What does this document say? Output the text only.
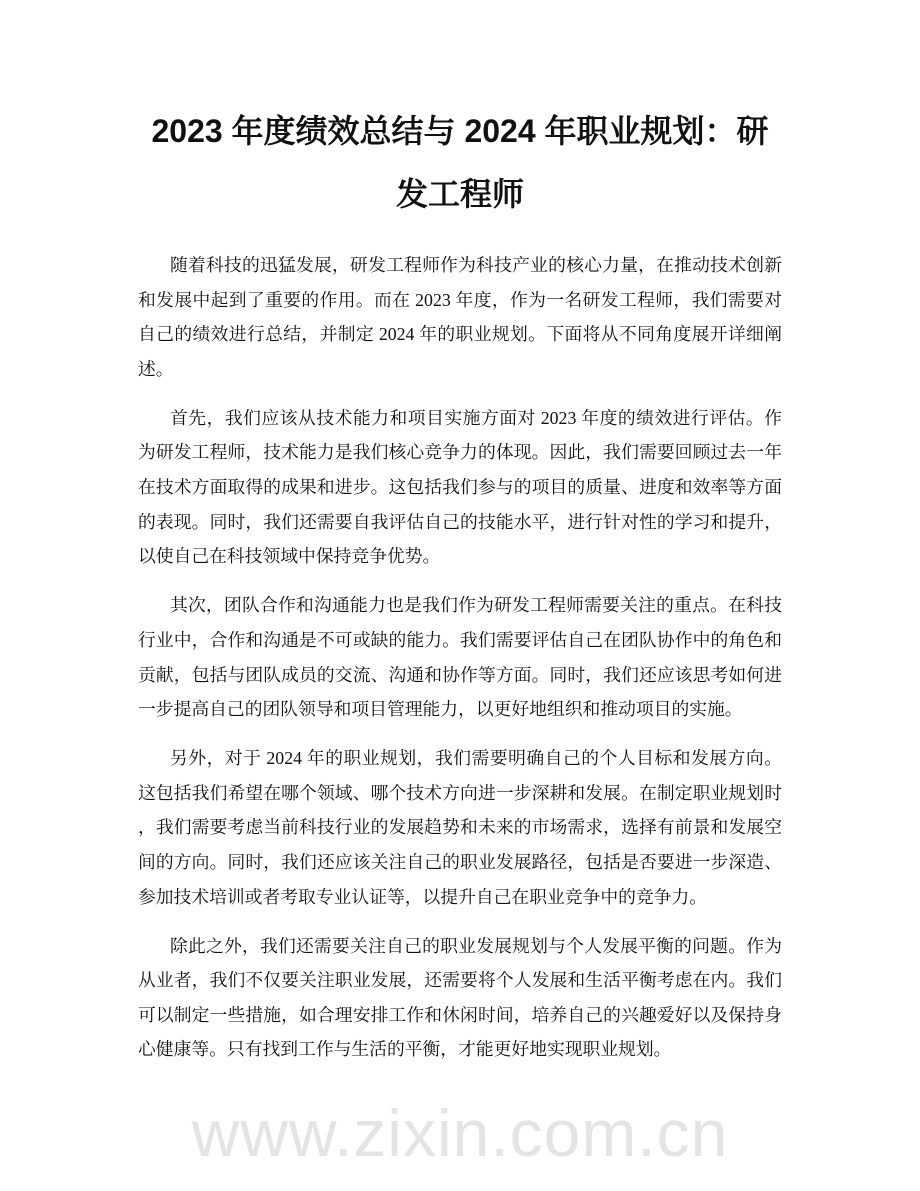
www.zixin.com.cn
2023 年度绩效总结与 2024 年职业规划：研
发工程师
随着科技的迅猛发展，研发工程师作为科技产业的核心力量，在推动技术创新
和发展中起到了重要的作用。而在 2023 年度，作为一名研发工程师，我们需要对
自己的绩效进行总结，并制定 2024 年的职业规划。下面将从不同角度展开详细阐
述。
首先，我们应该从技术能力和项目实施方面对 2023 年度的绩效进行评估。作
为研发工程师，技术能力是我们核心竞争力的体现。因此，我们需要回顾过去一年
在技术方面取得的成果和进步。这包括我们参与的项目的质量、进度和效率等方面
的表现。同时，我们还需要自我评估自己的技能水平，进行针对性的学习和提升，
以使自己在科技领域中保持竞争优势。
其次，团队合作和沟通能力也是我们作为研发工程师需要关注的重点。在科技
行业中，合作和沟通是不可或缺的能力。我们需要评估自己在团队协作中的角色和
贡献，包括与团队成员的交流、沟通和协作等方面。同时，我们还应该思考如何进
一步提高自己的团队领导和项目管理能力，以更好地组织和推动项目的实施。
另外，对于 2024 年的职业规划，我们需要明确自己的个人目标和发展方向。
这包括我们希望在哪个领域、哪个技术方向进一步深耕和发展。在制定职业规划时
，我们需要考虑当前科技行业的发展趋势和未来的市场需求，选择有前景和发展空
间的方向。同时，我们还应该关注自己的职业发展路径，包括是否要进一步深造、
参加技术培训或者考取专业认证等，以提升自己在职业竞争中的竞争力。
除此之外，我们还需要关注自己的职业发展规划与个人发展平衡的问题。作为
从业者，我们不仅要关注职业发展，还需要将个人发展和生活平衡考虑在内。我们
可以制定一些措施，如合理安排工作和休闲时间，培养自己的兴趣爱好以及保持身
心健康等。只有找到工作与生活的平衡，才能更好地实现职业规划。
